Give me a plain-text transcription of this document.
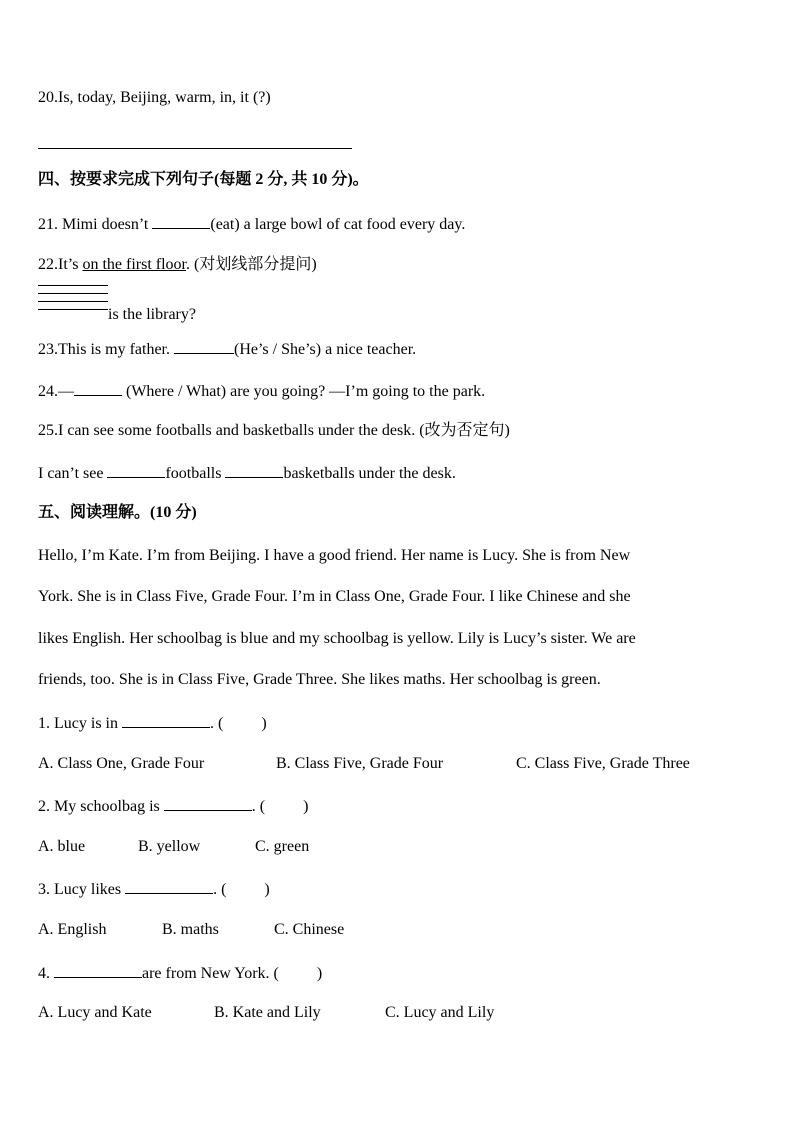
20.Is, today, Beijing, warm, in, it (?)
四、按要求完成下列句子(每题 2 分, 共 10 分)。
21. Mimi doesn’t	(eat) a large bowl of cat food every day.
22.It’s on the first floor. (对划线部分提问)
is the library?
23.This is my father.	(He’s / She’s) a nice teacher.
24.—	(Where / What) are you going? —I’m going to the park.
25.I can see some footballs and basketballs under the desk. (改为否定句)
I can’t see	footballs	basketballs under the desk.
五、阅读理解。(10 分)
Hello, I’m Kate. I’m from Beijing. I have a good friend. Her name is Lucy. She is from New
York. She is in Class Five, Grade Four. I’m in Class One, Grade Four. I like Chinese and she
likes English. Her schoolbag is blue and my schoolbag is yellow. Lily is Lucy’s sister. We are
friends, too. She is in Class Five, Grade Three. She likes maths. Her schoolbag is green.
1. Lucy is in	. ( )
A. Class One, Grade Four	B. Class Five, Grade Four	C. Class Five, Grade Three
2. My schoolbag is	. ( )
A. blue	B. yellow	C. green
3. Lucy likes	. ( )
A. English	B. maths	C. Chinese
4.	are from New York. ( )
A. Lucy and Kate	B. Kate and Lily	C. Lucy and Lily
